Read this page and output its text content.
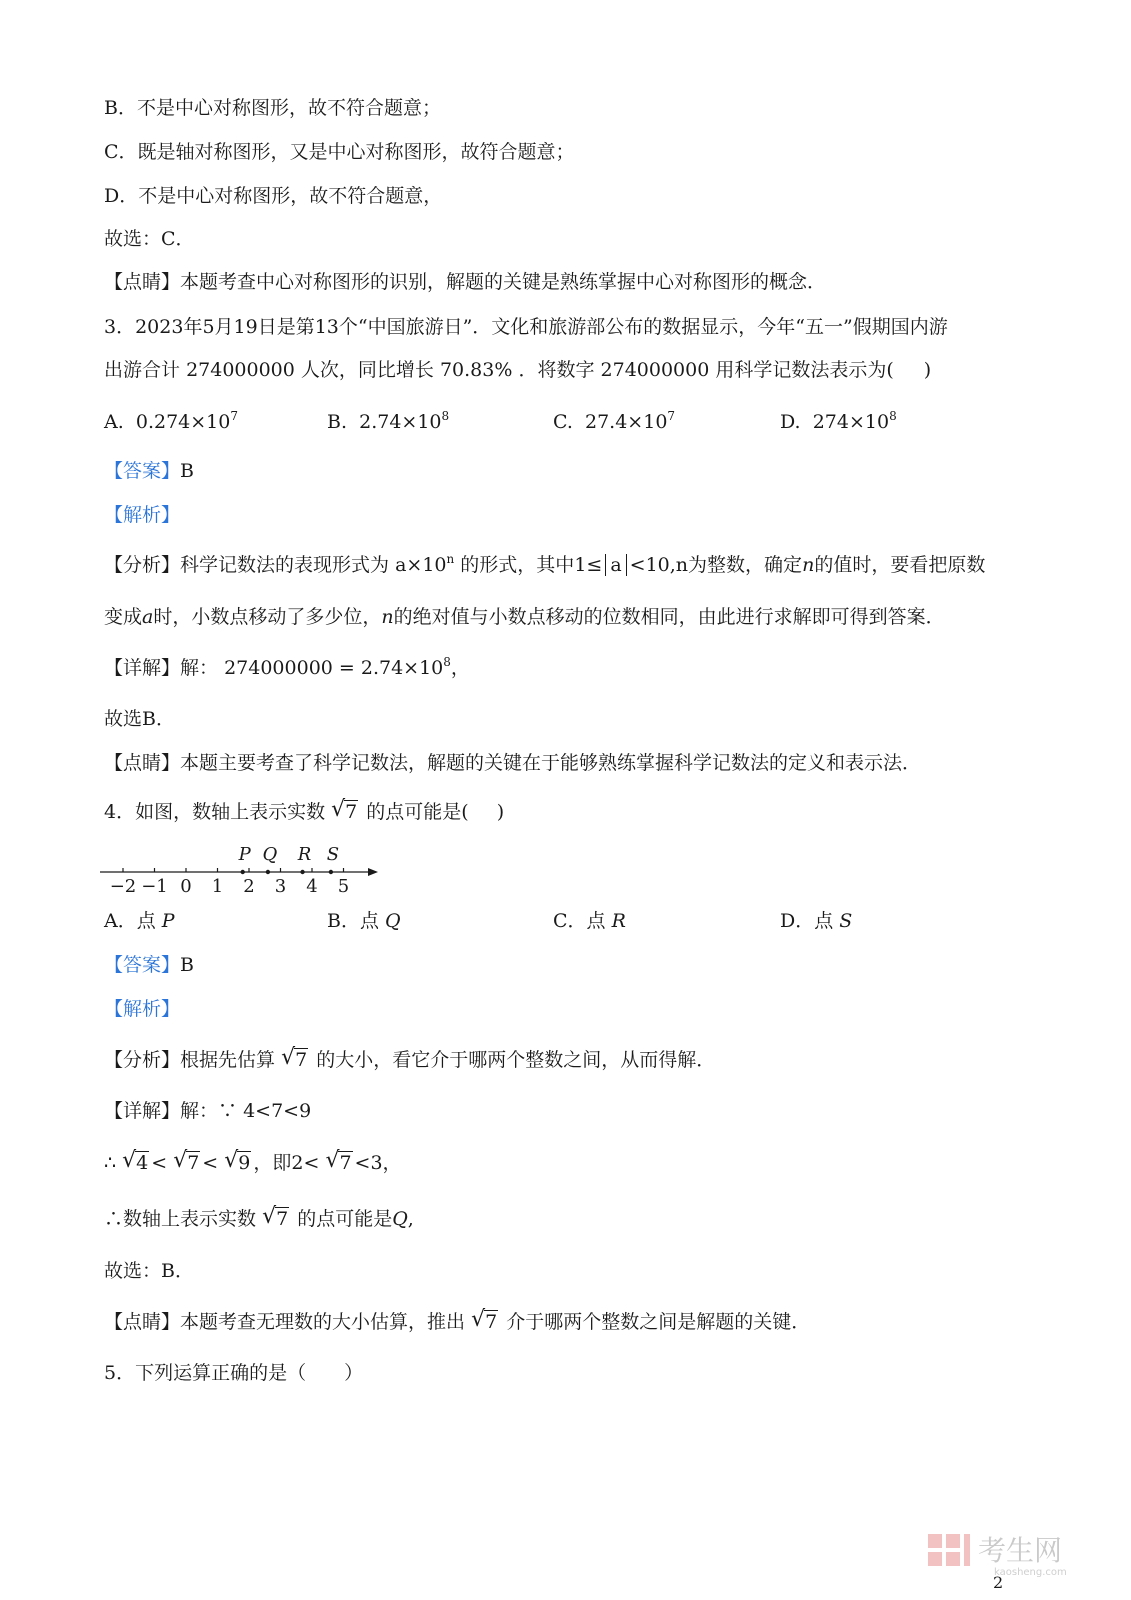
B．不是中心对称图形，故不符合题意；
C．既是轴对称图形，又是中心对称图形，故符合题意；
D．不是中心对称图形，故不符合题意，
故选：C．
【点睛】本题考查中心对称图形的识别，解题的关键是熟练掌握中心对称图形的概念．
3．2023年5月19日是第13个“中国旅游日”．文化和旅游部公布的数据显示，今年“五一”假期国内游
出游合计 274000000 人次，同比增长 70.83% ．将数字 274000000 用科学记数法表示为( )
A. $0.274\times 10^7$	B. $2.74\times 10^8$	C. $27.4\times 10^7$	D. $274\times 10^8$
【答案】B
【解析】
【分析】科学记数法的表现形式为 $a\times 10^n$ 的形式，其中1≤ a <10,n为整数，确定n的值时，要看把原数
变成a时，小数点移动了多少位，n的绝对值与小数点移动的位数相同，由此进行求解即可得到答案．
【详解】解： $274000000 = 2.74\times 10^8$，
故选B．
【点睛】本题主要考查了科学记数法，解题的关键在于能够熟练掌握科学记数法的定义和表示法．
4．如图，数轴上表示实数 √ 7 的点可能是( )
−2 −1 0 1 2 3 4 5
P Q R S
A．点 P	B．点 Q	C．点 R	D．点 S
【答案】B
【解析】
【分析】根据先估算 √ 7 的大小，看它介于哪两个整数之间，从而得解．
【详解】解：∵ 4<7<9
∴ √ 4 < √ 7 < √ 9 ，即2< √ 7 <3，
∴数轴上表示实数 √ 7 的点可能是Q,
故选：B．
【点睛】本题考查无理数的大小估算，推出 √ 7 介于哪两个整数之间是解题的关键．
5．下列运算正确的是（　　）
考生网
kaosheng.com
2
